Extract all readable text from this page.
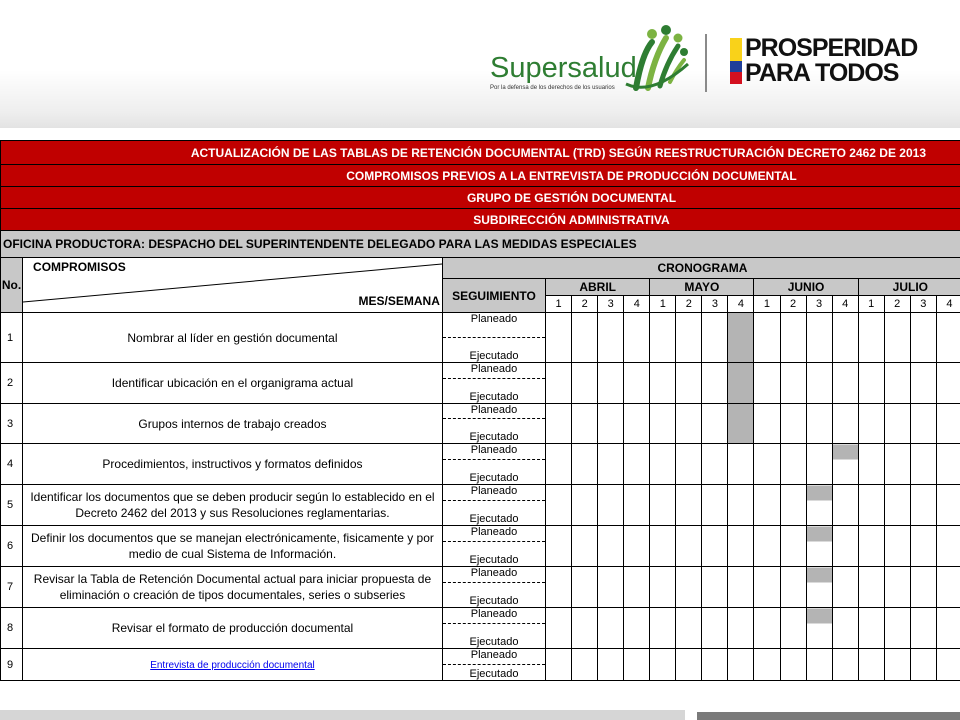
Supersalud
Por la defensa de los derechos de los usuarios
PROSPERIDAD
PARA TODOS
ACTUALIZACIÓN DE LAS TABLAS DE RETENCIÓN DOCUMENTAL (TRD) SEGÚN REESTRUCTURACIÓN DECRETO 2462 DE 2013																		
COMPROMISOS PREVIOS A LA ENTREVISTA DE PRODUCCIÓN DOCUMENTAL																		
GRUPO DE GESTIÓN DOCUMENTAL																		
SUBDIRECCIÓN ADMINISTRATIVA																		
OFICINA PRODUCTORA: DESPACHO DEL SUPERINTENDENTE DELEGADO PARA LAS MEDIDAS ESPECIALES																		
No.	COMPROMISOS
MES/SEMANA	CRONOGRAMA																
		SEGUIMIENTO	ABRIL				MAYO				JUNIO				JULIO			
			1	2	3	4	1	2	3	4	1	2	3	4	1	2	3	4
1	Nombrar al líder en gestión documental	Planeado																
		Ejecutado																
2	Identificar ubicación en el organigrama actual	Planeado																
		Ejecutado																
3	Grupos internos de trabajo creados	Planeado																
		Ejecutado																
4	Procedimientos, instructivos y formatos definidos	Planeado																
		Ejecutado																
5	Identificar los documentos que se deben producir según lo establecido en el Decreto 2462 del 2013 y sus Resoluciones reglamentarias.	Planeado																
		Ejecutado																
6	Definir los documentos que se manejan electrónicamente, fisicamente y por medio de cual Sistema de Información.	Planeado																
		Ejecutado																
7	Revisar la Tabla de Retención Documental actual para iniciar propuesta de eliminación o creación de tipos documentales, series o subseries	Planeado																
		Ejecutado																
8	Revisar el formato de producción documental	Planeado																
		Ejecutado																
9	Entrevista de producción documental	Planeado																
		Ejecutado																
